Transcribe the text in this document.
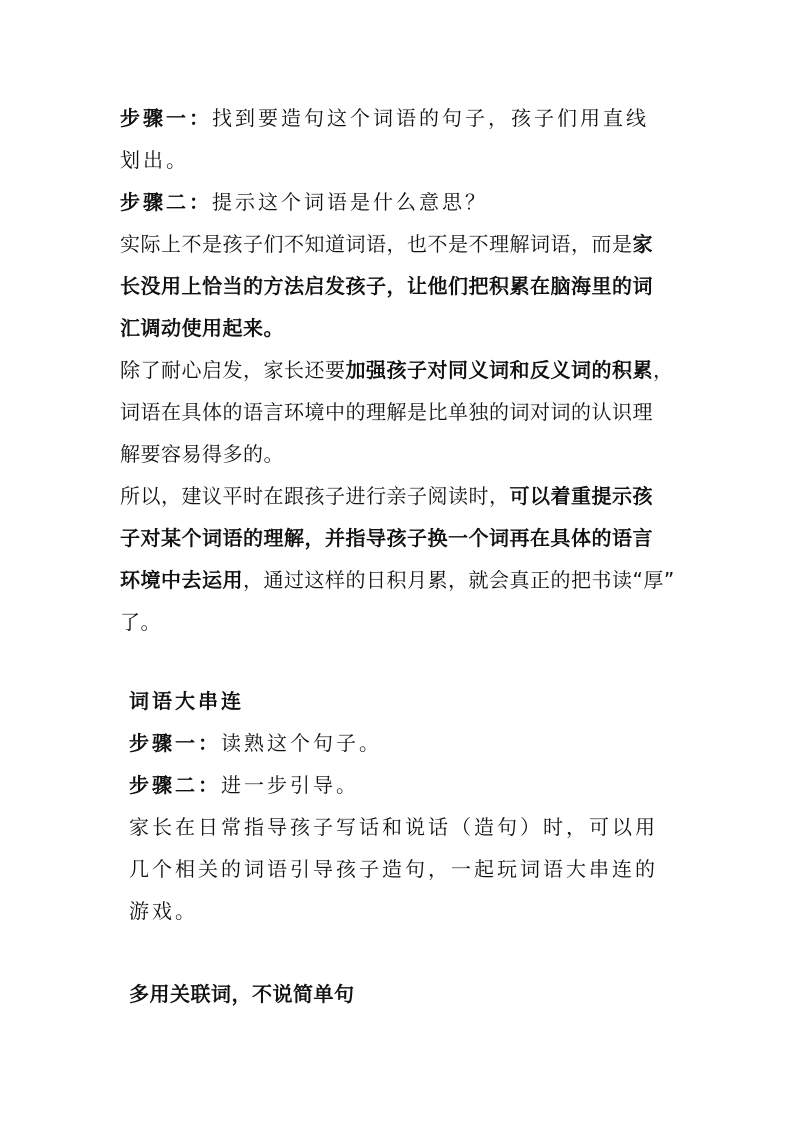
步骤一：找到要造句这个词语的句子，孩子们用直线
划出。
步骤二：提示这个词语是什么意思？
实际上不是孩子们不知道词语，也不是不理解词语，而是家
长没用上恰当的方法启发孩子，让他们把积累在脑海里的词
汇调动使用起来。
除了耐心启发，家长还要加强孩子对同义词和反义词的积累，
词语在具体的语言环境中的理解是比单独的词对词的认识理
解要容易得多的。
所以，建议平时在跟孩子进行亲子阅读时，可以着重提示孩
子对某个词语的理解，并指导孩子换一个词再在具体的语言
环境中去运用，通过这样的日积月累，就会真正的把书读“厚”
了。
词语大串连
步骤一：读熟这个句子。
步骤二：进一步引导。
家长在日常指导孩子写话和说话（造句）时，可以用
几个相关的词语引导孩子造句，一起玩词语大串连的
游戏。
多用关联词，不说简单句
